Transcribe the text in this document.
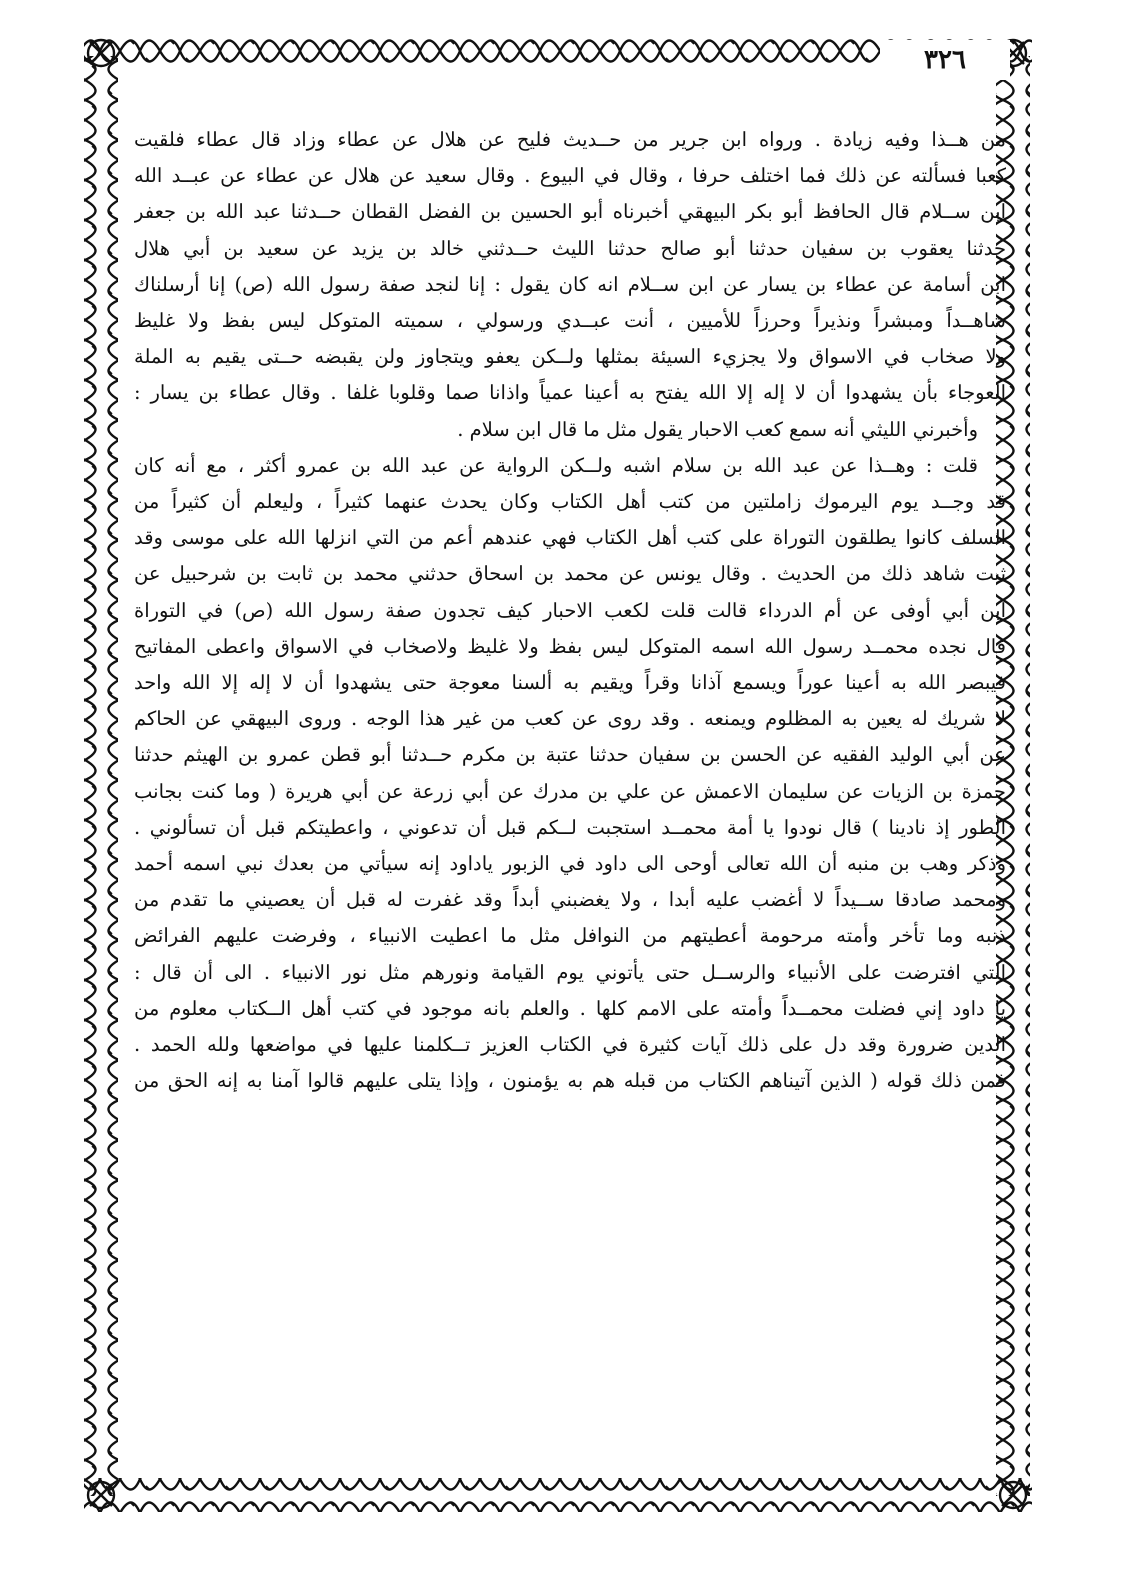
٣٢٦
من هــذا وفيه زيادة . ورواه ابن جرير من حــديث فليح عن هلال عن عطاء وزاد قال عطاء فلقيت
كعبا فسألته عن ذلك فما اختلف حرفا ، وقال في البيوع . وقال سعيد عن هلال عن عطاء عن عبــد الله
ابن ســلام قال الحافظ أبو بكر البيهقي أخبرناه أبو الحسين بن الفضل القطان حــدثنا عبد الله بن جعفر
حدثنا يعقوب بن سفيان حدثنا أبو صالح حدثنا الليث حــدثني خالد بن يزيد عن سعيد بن أبي هلال
ابن أسامة عن عطاء بن يسار عن ابن ســلام انه كان يقول : إنا لنجد صفة رسول الله (ص) إنا أرسلناك
شاهــداً ومبشراً ونذيراً وحرزاً للأميين ، أنت عبــدي ورسولي ، سميته المتوكل ليس بفظ ولا غليظ
ولا صخاب في الاسواق ولا يجزيء السيئة بمثلها ولــكن يعفو ويتجاوز ولن يقبضه حــتى يقيم به الملة
العوجاء بأن يشهدوا أن لا إله إلا الله يفتح به أعينا عمياً واذانا صما وقلوبا غلفا . وقال عطاء بن يسار :
وأخبرني الليثي أنه سمع كعب الاحبار يقول مثل ما قال ابن سلام .
قلت : وهــذا عن عبد الله بن سلام اشبه ولــكن الرواية عن عبد الله بن عمرو أكثر ، مع أنه كان
قد وجــد يوم اليرموك زاملتين من كتب أهل الكتاب وكان يحدث عنهما كثيراً ، وليعلم أن كثيراً من
السلف كانوا يطلقون التوراة على كتب أهل الكتاب فهي عندهم أعم من التي انزلها الله على موسى وقد
ثبت شاهد ذلك من الحديث . وقال يونس عن محمد بن اسحاق حدثني محمد بن ثابت بن شرحبيل عن
ابن أبي أوفى عن أم الدرداء قالت قلت لكعب الاحبار كيف تجدون صفة رسول الله (ص) في التوراة
قال نجده محمــد رسول الله اسمه المتوكل ليس بفظ ولا غليظ ولاصخاب في الاسواق واعطى المفاتيح
فيبصر الله به أعينا عوراً ويسمع آذانا وقراً ويقيم به ألسنا معوجة حتى يشهدوا أن لا إله إلا الله واحد
لا شريك له يعين به المظلوم ويمنعه . وقد روى عن كعب من غير هذا الوجه . وروى البيهقي عن الحاكم
عن أبي الوليد الفقيه عن الحسن بن سفيان حدثنا عتبة بن مكرم حــدثنا أبو قطن عمرو بن الهيثم حدثنا
حمزة بن الزيات عن سليمان الاعمش عن علي بن مدرك عن أبي زرعة عن أبي هريرة ( وما كنت بجانب
الطور إذ نادينا ) قال نودوا يا أمة محمــد استجبت لــكم قبل أن تدعوني ، واعطيتكم قبل أن تسألوني .
وذكر وهب بن منبه أن الله تعالى أوحى الى داود في الزبور ياداود إنه سيأتي من بعدك نبي اسمه أحمد
ومحمد صادقا ســيداً لا أغضب عليه أبدا ، ولا يغضبني أبداً وقد غفرت له قبل أن يعصيني ما تقدم من
ذنبه وما تأخر وأمته مرحومة أعطيتهم من النوافل مثل ما اعطيت الانبياء ، وفرضت عليهم الفرائض
التي افترضت على الأنبياء والرســل حتى يأتوني يوم القيامة ونورهم مثل نور الانبياء . الى أن قال :
يا داود إني فضلت محمــداً وأمته على الامم كلها . والعلم بانه موجود في كتب أهل الــكتاب معلوم من
الدين ضرورة وقد دل على ذلك آيات كثيرة في الكتاب العزيز تــكلمنا عليها في مواضعها ولله الحمد .
فمن ذلك قوله ( الذين آتيناهم الكتاب من قبله هم به يؤمنون ، وإذا يتلى عليهم قالوا آمنا به إنه الحق من
